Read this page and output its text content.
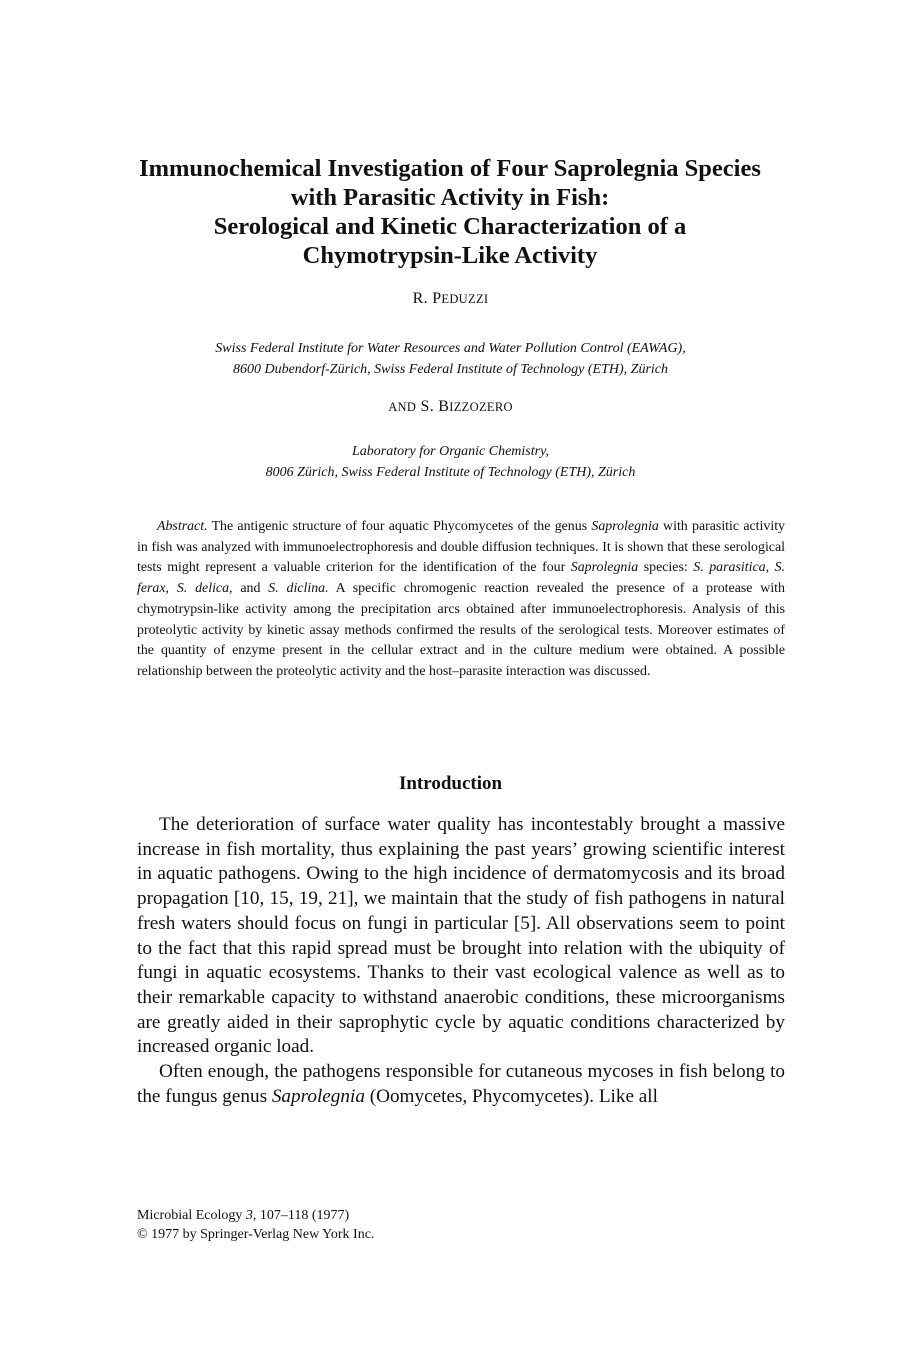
Immunochemical Investigation of Four Saprolegnia Species
with Parasitic Activity in Fish:
Serological and Kinetic Characterization of a
Chymotrypsin-Like Activity
R. PEDUZZI
Swiss Federal Institute for Water Resources and Water Pollution Control (EAWAG),
8600 Dubendorf-Zürich, Swiss Federal Institute of Technology (ETH), Zürich
AND S. BIZZOZERO
Laboratory for Organic Chemistry,
8006 Zürich, Swiss Federal Institute of Technology (ETH), Zürich

Abstract. The antigenic structure of four aquatic Phycomycetes of the genus Saprolegnia with parasitic activity in fish was analyzed with immunoelectrophoresis and double diffusion techniques. It is shown that these serological tests might represent a valuable criterion for the identification of the four Saprolegnia species: S. parasitica, S. ferax, S. delica, and S. diclina. A specific chromogenic reaction revealed the presence of a protease with chymotrypsin-like activity among the precipitation arcs obtained after immunoelectrophoresis. Analysis of this proteolytic activity by kinetic assay methods confirmed the results of the serological tests. Moreover estimates of the quantity of enzyme present in the cellular extract and in the culture medium were obtained. A possible relationship between the proteolytic activity and the host–parasite interaction was discussed.

Introduction

The deterioration of surface water quality has incontestably brought a massive increase in fish mortality, thus explaining the past years’ growing scientific interest in aquatic pathogens. Owing to the high incidence of dermatomycosis and its broad propagation [10, 15, 19, 21], we maintain that the study of fish pathogens in natural fresh waters should focus on fungi in particular [5]. All observations seem to point to the fact that this rapid spread must be brought into relation with the ubiquity of fungi in aquatic ecosystems. Thanks to their vast ecological valence as well as to their remarkable capacity to withstand anaerobic conditions, these microorganisms are greatly aided in their saprophytic cycle by aquatic conditions characterized by increased organic load.

Often enough, the pathogens responsible for cutaneous mycoses in fish belong to the fungus genus Saprolegnia (Oomycetes, Phycomycetes). Like all

Microbial Ecology 3, 107–118 (1977)
© 1977 by Springer-Verlag New York Inc.
